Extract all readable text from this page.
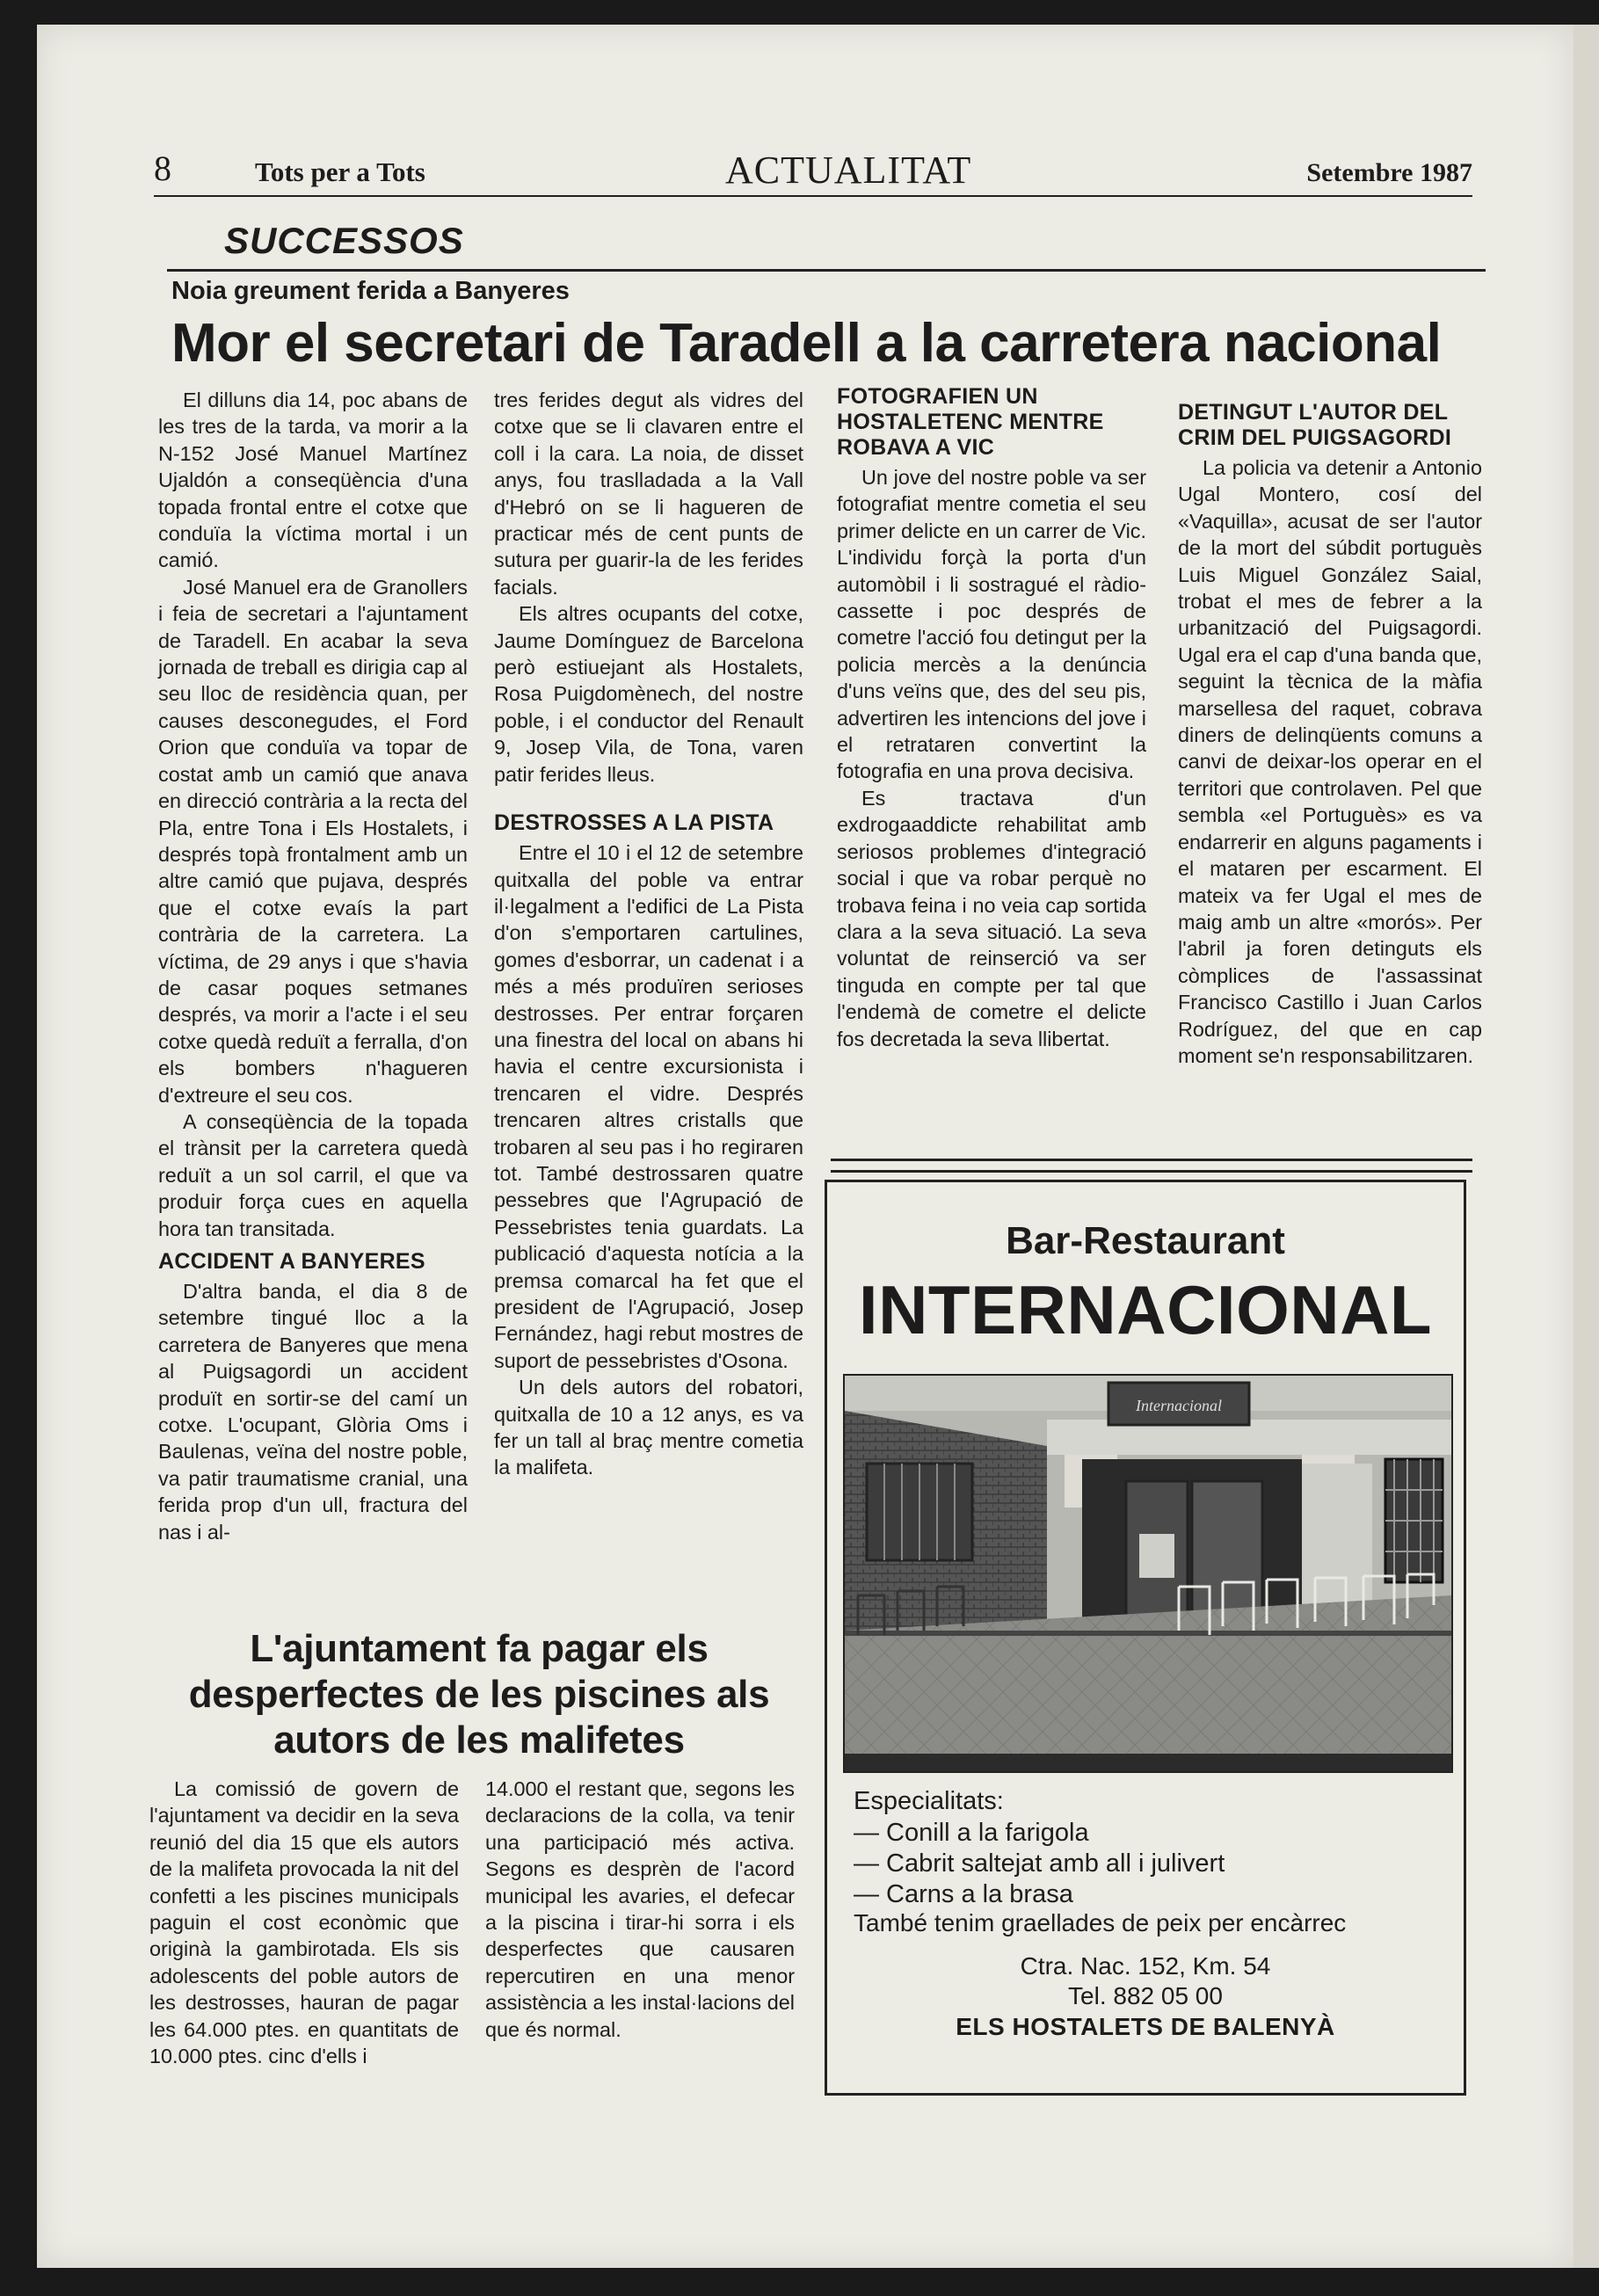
8	Tots per a Tots	ACTUALITAT	Setembre 1987
SUCCESSOS
Noia greument ferida a Banyeres
Mor el secretari de Taradell a la carretera nacional

El dilluns dia 14, poc abans de les tres de la tarda, va morir a la N-152 José Manuel Martínez Ujaldón a conseqüència d'una topada frontal entre el cotxe que conduïa la víctima mortal i un camió.

José Manuel era de Granollers i feia de secretari a l'ajuntament de Taradell. En acabar la seva jornada de treball es dirigia cap al seu lloc de residència quan, per causes desconegudes, el Ford Orion que conduïa va topar de costat amb un camió que anava en direcció contrària a la recta del Pla, entre Tona i Els Hostalets, i després topà frontalment amb un altre camió que pujava, després que el cotxe evaís la part contrària de la carretera. La víctima, de 29 anys i que s'havia de casar poques setmanes després, va morir a l'acte i el seu cotxe quedà reduït a ferralla, d'on els bombers n'hagueren d'extreure el seu cos.

A conseqüència de la topada el trànsit per la carretera quedà reduït a un sol carril, el que va produir força cues en aquella hora tan transitada.

ACCIDENT A BANYERES

D'altra banda, el dia 8 de setembre tingué lloc a la carretera de Banyeres que mena al Puigsagordi un accident produït en sortir-se del camí un cotxe. L'ocupant, Glòria Oms i Baulenas, veïna del nostre poble, va patir traumatisme cranial, una ferida prop d'un ull, fractura del nas i al-

tres ferides degut als vidres del cotxe que se li clavaren entre el coll i la cara. La noia, de disset anys, fou traslladada a la Vall d'Hebró on se li hagueren de practicar més de cent punts de sutura per guarir-la de les ferides facials.

Els altres ocupants del cotxe, Jaume Domínguez de Barcelona però estiuejant als Hostalets, Rosa Puigdomènech, del nostre poble, i el conductor del Renault 9, Josep Vila, de Tona, varen patir ferides lleus.

DESTROSSES A LA PISTA

Entre el 10 i el 12 de setembre quitxalla del poble va entrar il·legalment a l'edifici de La Pista d'on s'emportaren cartulines, gomes d'esborrar, un cadenat i a més a més produïren serioses destrosses. Per entrar forçaren una finestra del local on abans hi havia el centre excursionista i trencaren el vidre. Després trencaren altres cristalls que trobaren al seu pas i ho regiraren tot. També destrossaren quatre pessebres que l'Agrupació de Pessebristes tenia guardats. La publicació d'aquesta notícia a la premsa comarcal ha fet que el president de l'Agrupació, Josep Fernández, hagi rebut mostres de suport de pessebristes d'Osona.

Un dels autors del robatori, quitxalla de 10 a 12 anys, es va fer un tall al braç mentre cometia la malifeta.

FOTOGRAFIEN UN HOSTALETENC MENTRE ROBAVA A VIC

Un jove del nostre poble va ser fotografiat mentre cometia el seu primer delicte en un carrer de Vic. L'individu forçà la porta d'un automòbil i li sostragué el ràdio-cassette i poc després de cometre l'acció fou detingut per la policia mercès a la denúncia d'uns veïns que, des del seu pis, advertiren les intencions del jove i el retrataren convertint la fotografia en una prova decisiva.

Es tractava d'un exdrogaaddicte rehabilitat amb seriosos problemes d'integració social i que va robar perquè no trobava feina i no veia cap sortida clara a la seva situació. La seva voluntat de reinserció va ser tinguda en compte per tal que l'endemà de cometre el delicte fos decretada la seva llibertat.

DETINGUT L'AUTOR DEL CRIM DEL PUIGSAGORDI

La policia va detenir a Antonio Ugal Montero, cosí del «Vaquilla», acusat de ser l'autor de la mort del súbdit portuguès Luis Miguel González Saial, trobat el mes de febrer a la urbanització del Puigsagordi. Ugal era el cap d'una banda que, seguint la tècnica de la màfia marsellesa del raquet, cobrava diners de delinqüents comuns a canvi de deixar-los operar en el territori que controlaven. Pel que sembla «el Portuguès» es va endarrerir en alguns pagaments i el mataren per escarment. El mateix va fer Ugal el mes de maig amb un altre «morós». Per l'abril ja foren detinguts els còmplices de l'assassinat Francisco Castillo i Juan Carlos Rodríguez, del que en cap moment se'n responsabilitzaren.

L'ajuntament fa pagar els desperfectes de les piscines als autors de les malifetes

La comissió de govern de l'ajuntament va decidir en la seva reunió del dia 15 que els autors de la malifeta provocada la nit del confetti a les piscines municipals paguin el cost econòmic que originà la gambirotada. Els sis adolescents del poble autors de les destrosses, hauran de pagar les 64.000 ptes. en quantitats de 10.000 ptes. cinc d'ells i

14.000 el restant que, segons les declaracions de la colla, va tenir una participació més activa. Segons es desprèn de l'acord municipal les avaries, el defecar a la piscina i tirar-hi sorra i els desperfectes que causaren repercutiren en una menor assistència a les instal·lacions del que és normal.

Bar-Restaurant
INTERNACIONAL
Internacional
Especialitats:
— Conill a la farigola
— Cabrit saltejat amb all i julivert
— Carns a la brasa
També tenim graellades de peix per encàrrec
Ctra. Nac. 152, Km. 54
Tel. 882 05 00
ELS HOSTALETS DE BALENYÀ
